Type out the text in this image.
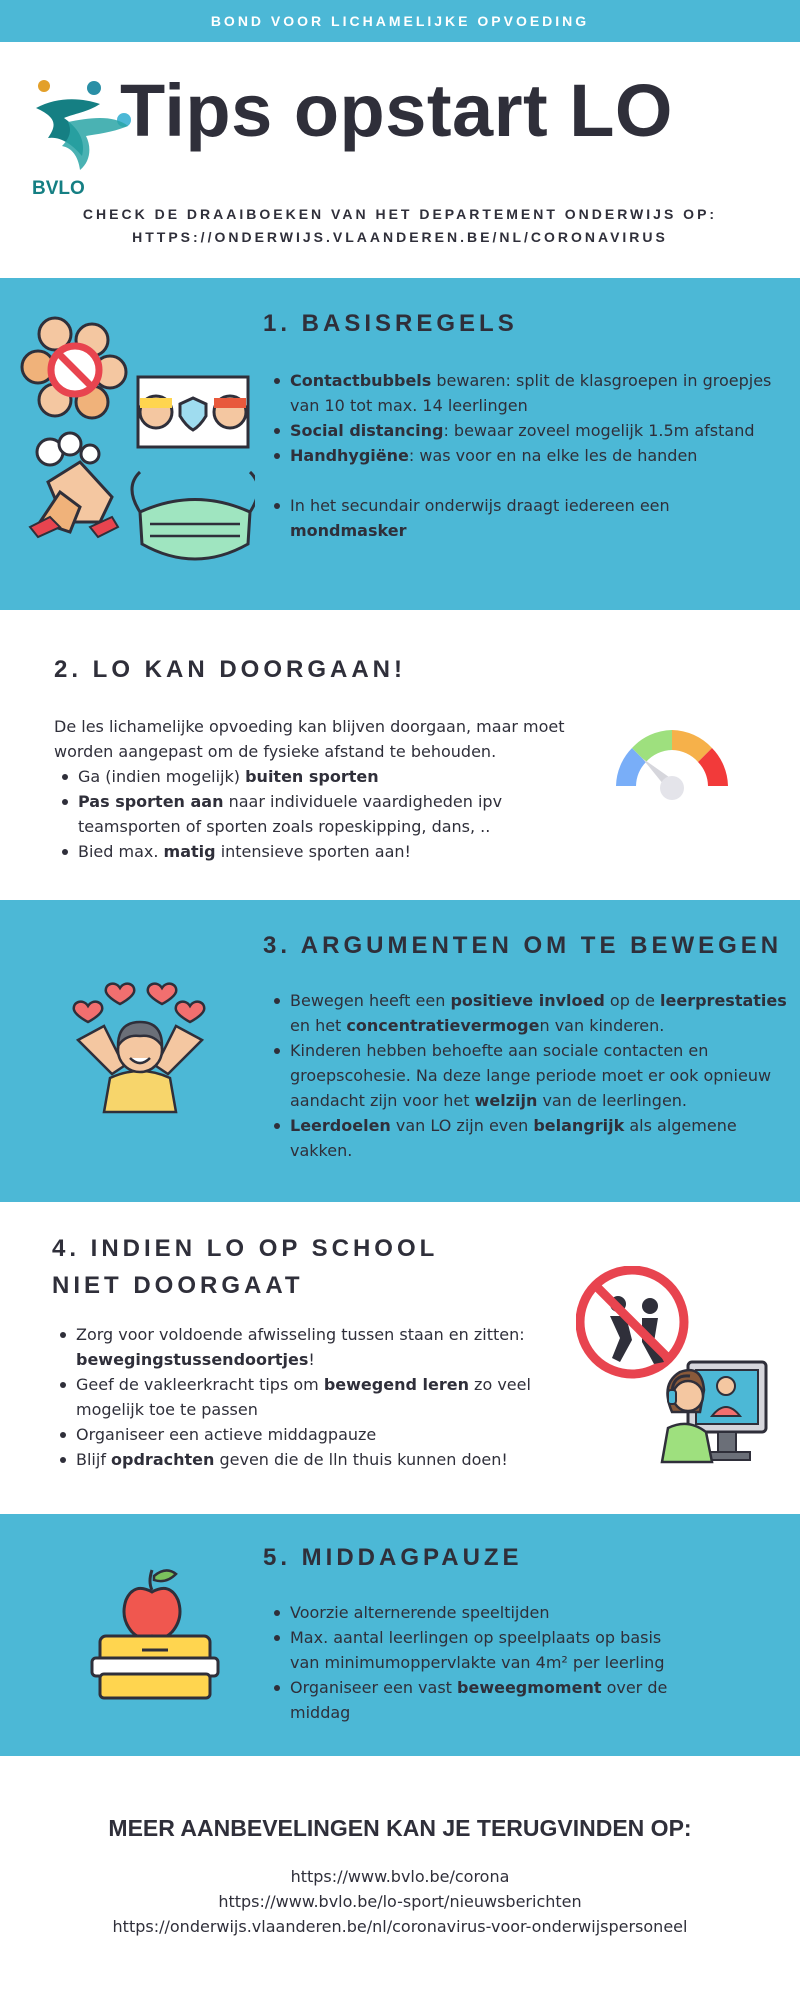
BOND VOOR LICHAMELIJKE OPVOEDING
BVLO
Tips opstart LO
CHECK DE DRAAIBOEKEN VAN HET DEPARTEMENT ONDERWIJS OP:
HTTPS://ONDERWIJS.VLAANDEREN.BE/NL/CORONAVIRUS
1. BASISREGELS
Contactbubbels bewaren: split de klasgroepen in groepjes van 10 tot max. 14 leerlingen
Social distancing: bewaar zoveel mogelijk 1.5m afstand
Handhygiëne: was voor en na elke les de handen
In het secundair onderwijs draagt iedereen een mondmasker
2. LO KAN DOORGAAN!
De les lichamelijke opvoeding kan blijven doorgaan, maar moet worden aangepast om de fysieke afstand te behouden.
Ga (indien mogelijk) buiten sporten
Pas sporten aan naar individuele vaardigheden ipv teamsporten of sporten zoals ropeskipping, dans, ..
Bied max. matig intensieve sporten aan!
3. ARGUMENTEN OM TE BEWEGEN
Bewegen heeft een positieve invloed op de leerprestaties en het concentratievermogen van kinderen.
Kinderen hebben behoefte aan sociale contacten en groepscohesie. Na deze lange periode moet er ook opnieuw aandacht zijn voor het welzijn van de leerlingen.
Leerdoelen van LO zijn even belangrijk als algemene vakken.
4. INDIEN LO OP SCHOOL
NIET DOORGAAT
Zorg voor voldoende afwisseling tussen staan en zitten: bewegingstussendoortjes!
Geef de vakleerkracht tips om bewegend leren zo veel mogelijk toe te passen
Organiseer een actieve middagpauze
Blijf opdrachten geven die de lln thuis kunnen doen!
5. MIDDAGPAUZE
Voorzie alternerende speeltijden
Max. aantal leerlingen op speelplaats op basis van minimumoppervlakte van 4m² per leerling
Organiseer een vast beweegmoment over de middag
MEER AANBEVELINGEN KAN JE TERUGVINDEN OP:
https://www.bvlo.be/corona
https://www.bvlo.be/lo-sport/nieuwsberichten
https://onderwijs.vlaanderen.be/nl/coronavirus-voor-onderwijspersoneel
